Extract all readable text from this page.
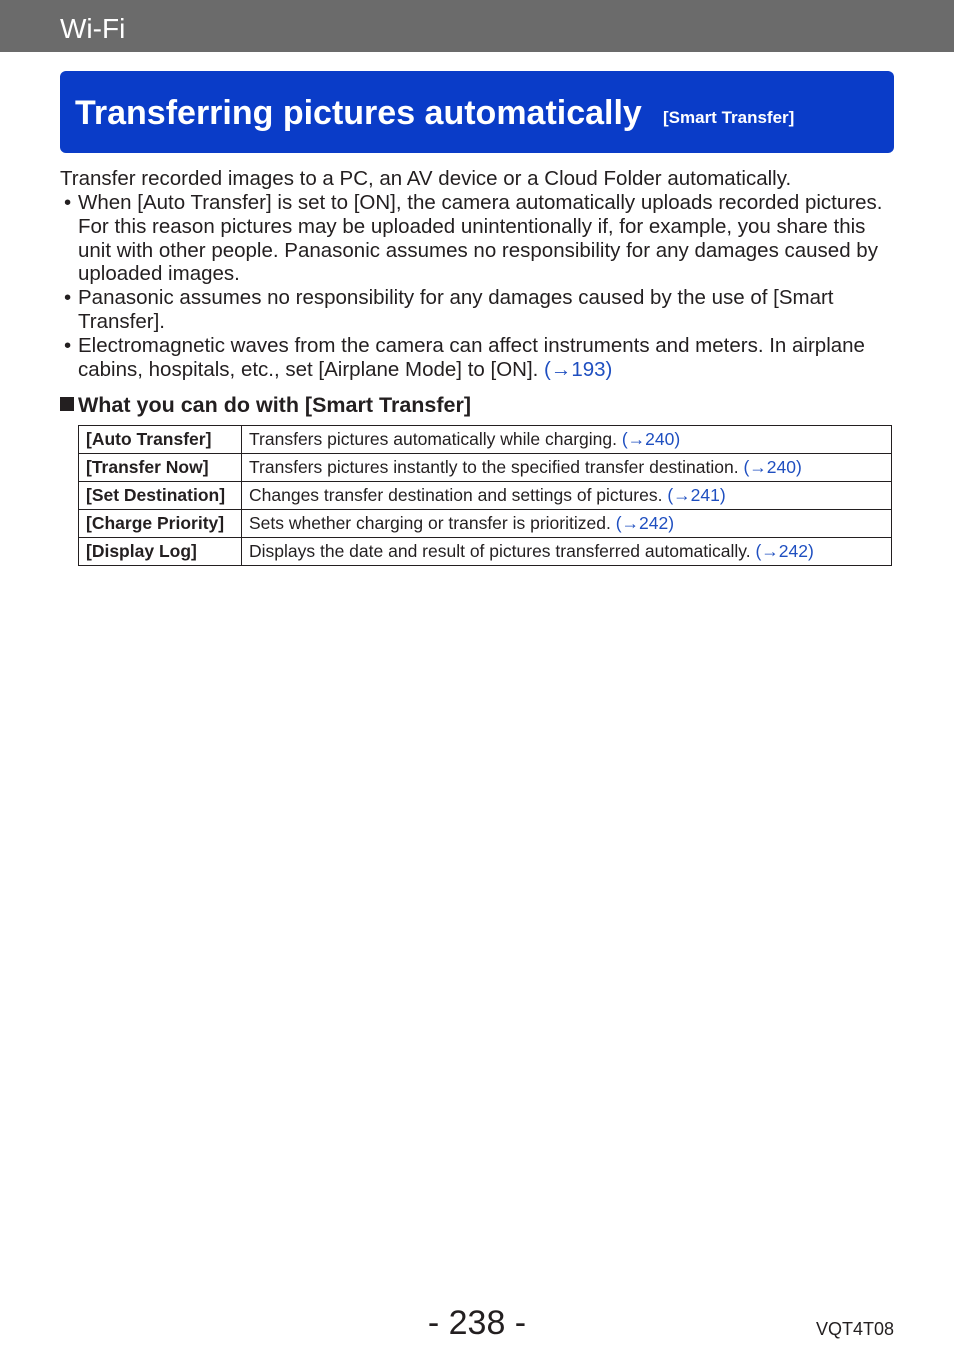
Wi-Fi
Transferring pictures automatically [Smart Transfer]
Transfer recorded images to a PC, an AV device or a Cloud Folder automatically.
• When [Auto Transfer] is set to [ON], the camera automatically uploads recorded pictures. For this reason pictures may be uploaded unintentionally if, for example, you share this unit with other people. Panasonic assumes no responsibility for any damages caused by uploaded images.
• Panasonic assumes no responsibility for any damages caused by the use of [Smart Transfer].
• Electromagnetic waves from the camera can affect instruments and meters. In airplane cabins, hospitals, etc., set [Airplane Mode] to [ON]. (→193)
What you can do with [Smart Transfer]
[Auto Transfer]	Transfers pictures automatically while charging. (→240)
[Transfer Now]	Transfers pictures instantly to the specified transfer destination. (→240)
[Set Destination]	Changes transfer destination and settings of pictures. (→241)
[Charge Priority]	Sets whether charging or transfer is prioritized. (→242)
[Display Log]	Displays the date and result of pictures transferred automatically. (→242)
- 238 -	VQT4T08
